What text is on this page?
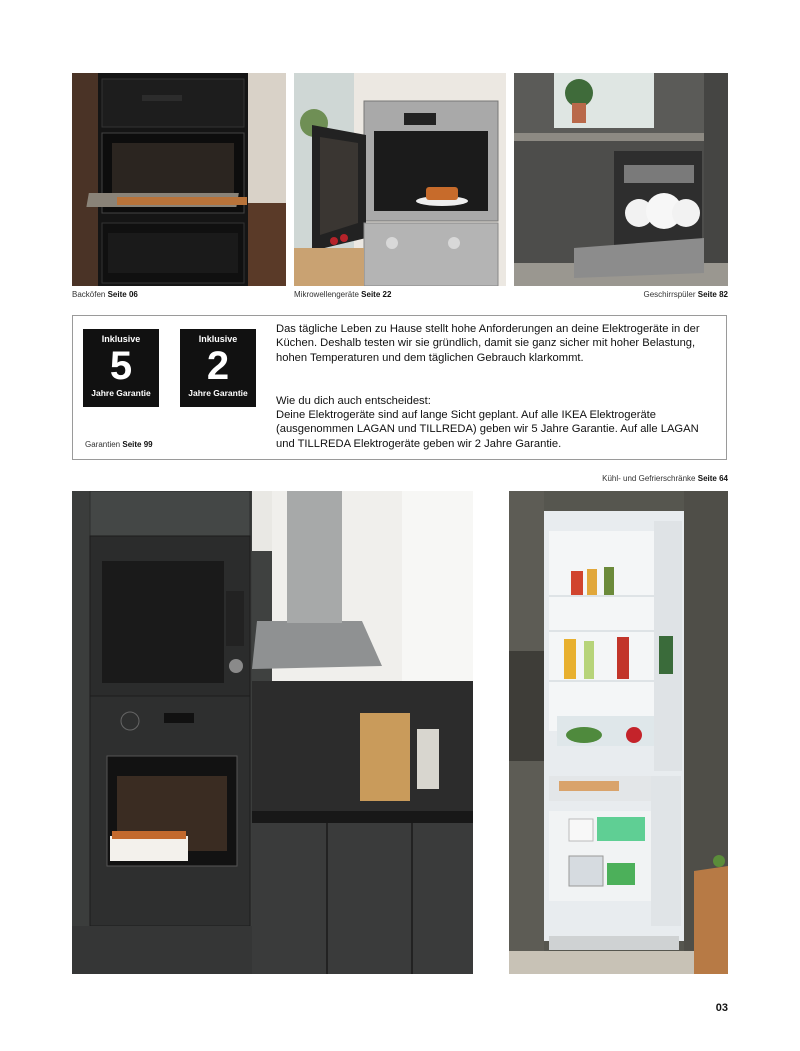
Backöfen Seite 06	Mikrowellengeräte Seite 22	Geschirrspüler Seite 82
Inklusive
5
Jahre Garantie
Inklusive
2
Jahre Garantie
Garantien Seite 99
Das tägliche Leben zu Hause stellt hohe Anforderungen an deine Elektrogeräte in der Küchen. Deshalb testen wir sie gründlich, damit sie ganz sicher mit hoher Belastung, hohen Temperaturen und dem täglichen Gebrauch klarkommt.
Wie du dich auch entscheidest:
Deine Elektrogeräte sind auf lange Sicht geplant. Auf alle IKEA Elektrogeräte (ausgenommen LAGAN und TILLREDA) geben wir 5 Jahre Garantie. Auf alle LAGAN und TILLREDA Elektrogeräte geben wir 2 Jahre Garantie.
Kühl- und Gefrierschränke Seite 64
03
